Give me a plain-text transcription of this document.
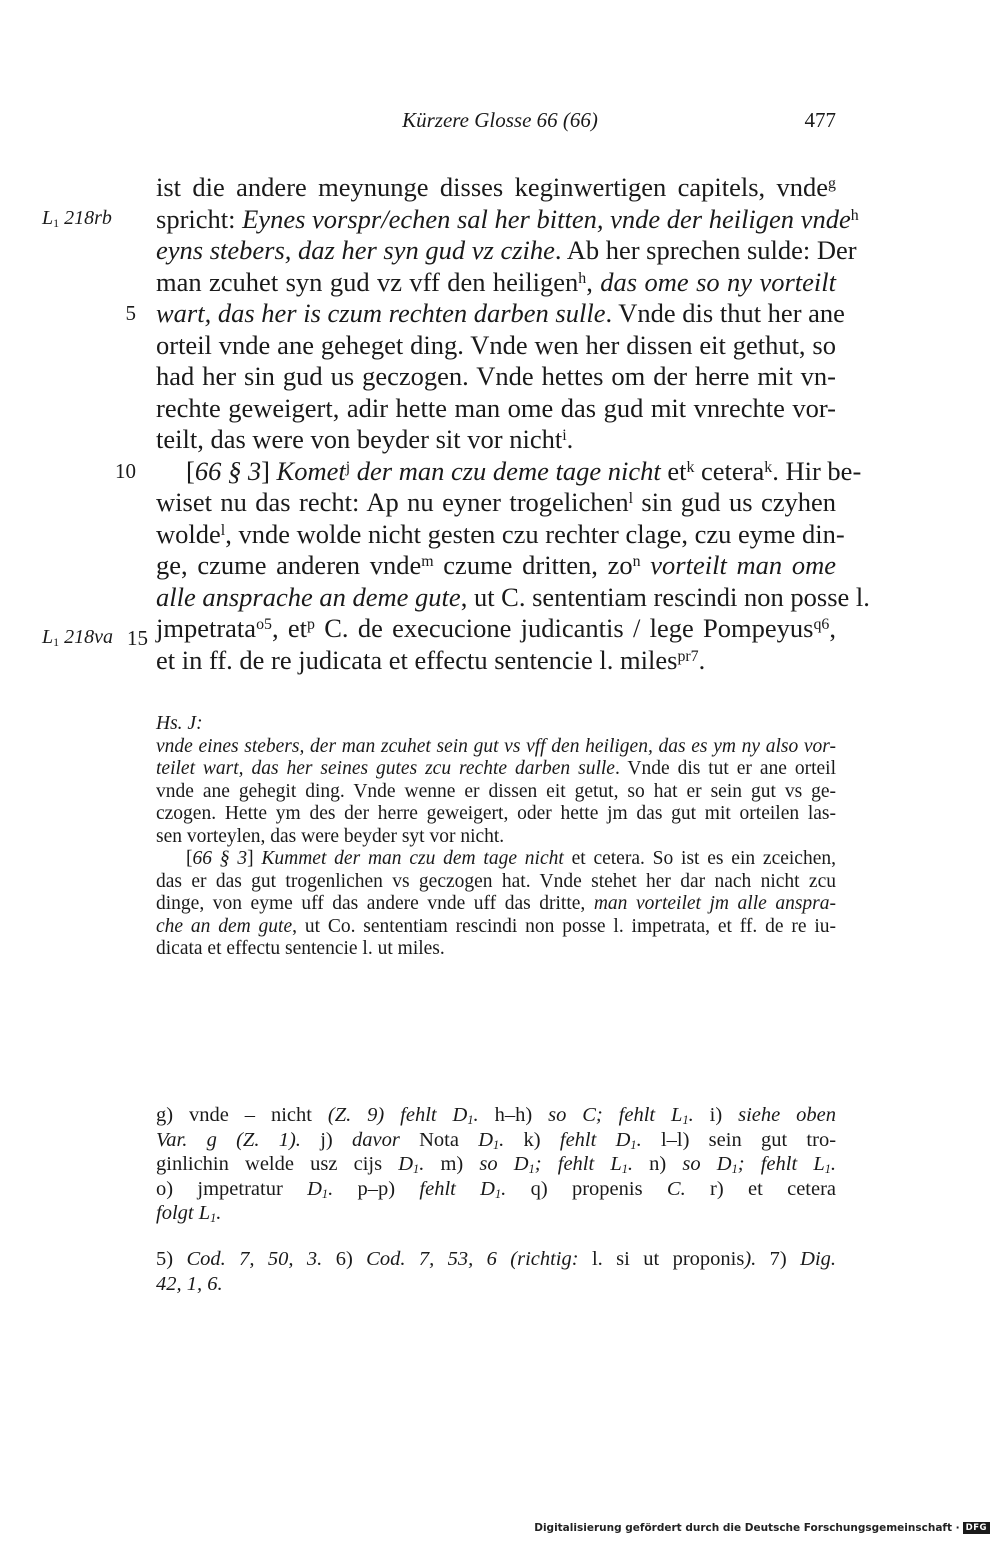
Kürzere Glosse 66 (66)	477
$L_1$ 218rb
$L_1$ 218va
5
10
15
ist die andere meynunge disses keginwertigen capitels, vnde$^g$
spricht: Eynes vorspr/echen sal her bitten, vnde der heiligen vnde$^h$
eyns stebers, daz her syn gud vz czihe. Ab her sprechen sulde: Der
man zcuhet syn gud vz vff den heiligen$^h$, das ome so ny vorteilt
wart, das her is czum rechten darben sulle. Vnde dis thut her ane
orteil vnde ane geheget ding. Vnde wen her dissen eit gethut, so
had her sin gud us geczogen. Vnde hettes om der herre mit vn-
rechte geweigert, adir hette man ome das gud mit vnrechte vor-
teilt, das were von beyder sit vor nicht$^i$.
[66 § 3] Komet$^j$ der man czu deme tage nicht $et^k$ cetera$^k$. Hir be-
wiset nu das recht: Ap nu eyner trogelichen$^l$ sin gud us czyhen
wolde$^l$, vnde wolde nicht gesten czu rechter clage, czu eyme din-
ge, czume anderen vnde$^m$ czume dritten, $zo^n$ vorteilt man ome
alle ansprache an deme gute, ut C. sententiam rescindi non posse l.
jmpetrata$^{o5}$, $et^p$ C. de execucione judicantis / lege Pompeyus$^{q6}$,
et in ff. de re judicata et effectu sentencie l. miles$^{pr7}$.
Hs. J:
vnde eines stebers, der man zcuhet sein gut vs vff den heiligen, das es ym ny also vor-
teilet wart, das her seines gutes zcu rechte darben sulle. Vnde dis tut er ane orteil
vnde ane gehegit ding. Vnde wenne er dissen eit getut, so hat er sein gut vs ge-
czogen. Hette ym des der herre geweigert, oder hette jm das gut mit orteilen las-
sen vorteylen, das were beyder syt vor nicht.
[66 § 3] Kummet der man czu dem tage nicht et cetera. So ist es ein zceichen,
das er das gut trogenlichen vs geczogen hat. Vnde stehet her dar nach nicht zcu
dinge, von eyme uff das andere vnde uff das dritte, man vorteilet jm alle anspra-
che an dem gute, ut Co. sententiam rescindi non posse l. impetrata, et ff. de re iu-
dicata et effectu sentencie l. ut miles.
g) vnde – nicht (Z. 9) fehlt $D_1$. h–h) so C; fehlt $L_1$. i) siehe oben
Var. g (Z. 1). j) davor Nota $D_1$. k) fehlt $D_1$. l–l) sein gut tro-
ginlichin welde usz cijs $D_1$. m) so $D_1$; fehlt $L_1$. n) so $D_1$; fehlt $L_1$.
o) jmpetratur $D_1$. p–p) fehlt $D_1$. q) propenis C. r) et cetera
folgt $L_1$.
5) Cod. 7, 50, 3. 6) Cod. 7, 53, 6 (richtig: l. si ut proponis). 7) Dig.
42, 1, 6.
Digitalisierung gefördert durch die Deutsche Forschungsgemeinschaft · DFG
